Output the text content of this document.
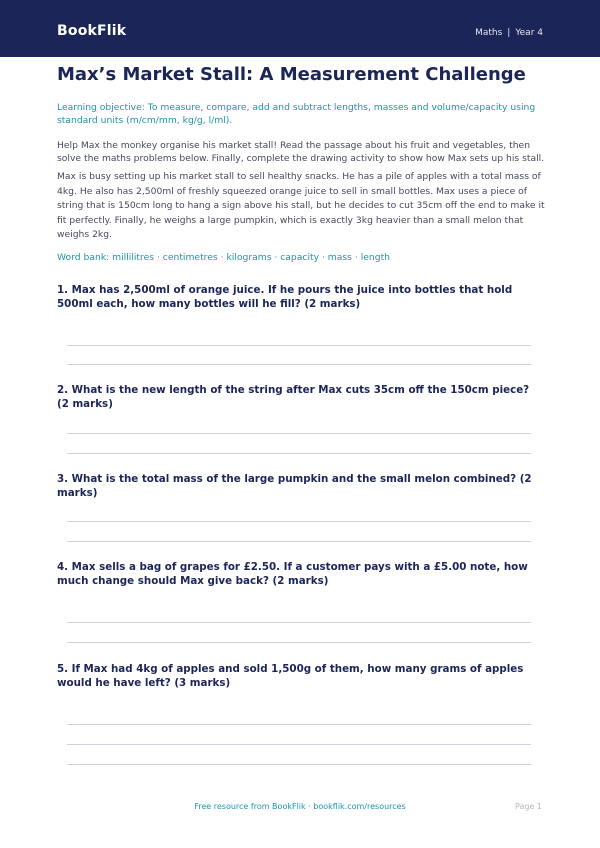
BookFlik	Maths | Year 4
Max’s Market Stall: A Measurement Challenge
Learning objective: To measure, compare, add and subtract lengths, masses and volume/capacity using standard units (m/cm/mm, kg/g, l/ml).
Help Max the monkey organise his market stall! Read the passage about his fruit and vegetables, then solve the maths problems below. Finally, complete the drawing activity to show how Max sets up his stall.
Max is busy setting up his market stall to sell healthy snacks. He has a pile of apples with a total mass of 4kg. He also has 2,500ml of freshly squeezed orange juice to sell in small bottles. Max uses a piece of string that is 150cm long to hang a sign above his stall, but he decides to cut 35cm off the end to make it fit perfectly. Finally, he weighs a large pumpkin, which is exactly 3kg heavier than a small melon that weighs 2kg.
Word bank: millilitres · centimetres · kilograms · capacity · mass · length
1. Max has 2,500ml of orange juice. If he pours the juice into bottles that hold 500ml each, how many bottles will he fill? (2 marks)
2. What is the new length of the string after Max cuts 35cm off the 150cm piece? (2 marks)
3. What is the total mass of the large pumpkin and the small melon combined? (2 marks)
4. Max sells a bag of grapes for £2.50. If a customer pays with a £5.00 note, how much change should Max give back? (2 marks)
5. If Max had 4kg of apples and sold 1,500g of them, how many grams of apples would he have left? (3 marks)
Free resource from BookFlik · bookflik.com/resources	Page 1
